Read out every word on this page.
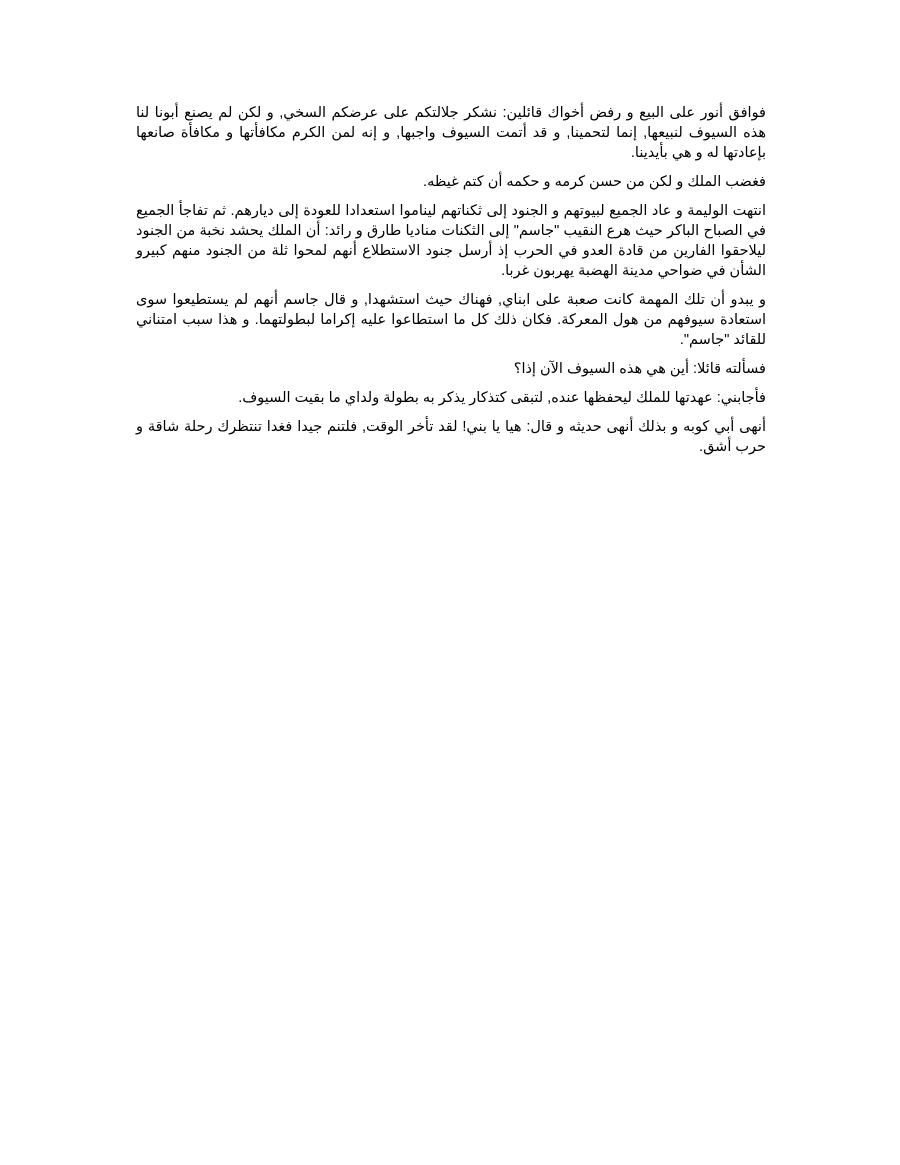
فوافق أنور على البيع و رفض أخواك قائلين: نشكر جلالتكم على عرضكم السخي, و لكن لم يصنع أبونا لنا هذه السيوف لنبيعها, إنما لتحمينا, و قد أتمت السيوف واجبها, و إنه لمن الكرم مكافأتها و مكافأة صانعها بإعادتها له و هي بأيدينا.

فغضب الملك و لكن من حسن كرمه و حكمه أن كتم غيظه.

انتهت الوليمة و عاد الجميع لبيوتهم و الجنود إلى ثكناتهم ليناموا استعدادا للعودة إلى ديارهم. ثم تفاجأ الجميع في الصباح الباكر حيث هرع النقيب "جاسم" إلى الثكنات مناديا طارق و رائد: أن الملك يحشد نخبة من الجنود ليلاحقوا الفارين من قادة العدو في الحرب إذ أرسل جنود الاستطلاع أنهم لمحوا ثلة من الجنود منهم كبيرو الشأن في ضواحي مدينة الهضبة يهربون غربا.

و يبدو أن تلك المهمة كانت صعبة على ابناي, فهناك حيث استشهدا, و قال جاسم أنهم لم يستطيعوا سوى استعادة سيوفهم من هول المعركة. فكان ذلك كل ما استطاعوا عليه إكراما لبطولتهما. و هذا سبب امتناني للقائد "جاسم".

فسألته قائلا: أين هي هذه السيوف الآن إذا؟

فأجابني: عهدتها للملك ليحفظها عنده, لتبقى كتذكار يذكر به بطولة ولداي ما بقيت السيوف.

أنهى أبي كوبه و بذلك أنهى حديثه و قال: هيا يا بني! لقد تأخر الوقت, فلتنم جيدا فغدا تنتظرك رحلة شاقة و حرب أشق.
